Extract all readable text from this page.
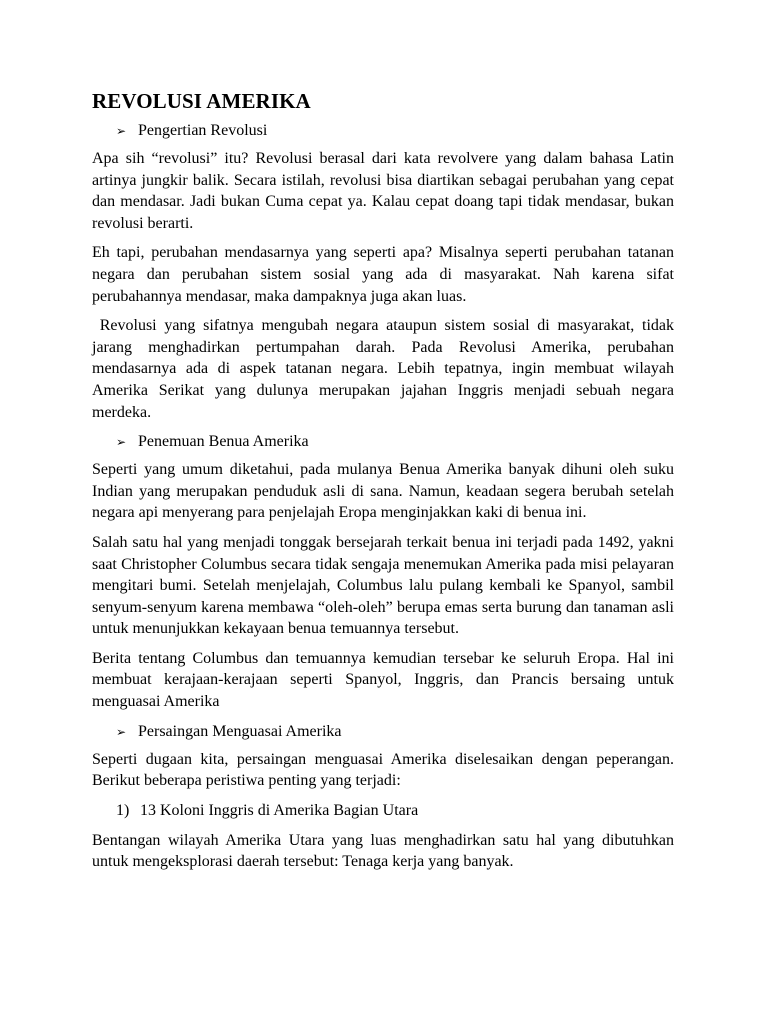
REVOLUSI AMERIKA
➢ Pengertian Revolusi

Apa sih “revolusi” itu? Revolusi berasal dari kata revolvere yang dalam bahasa Latin artinya jungkir balik. Secara istilah, revolusi bisa diartikan sebagai perubahan yang cepat dan mendasar. Jadi bukan Cuma cepat ya. Kalau cepat doang tapi tidak mendasar, bukan revolusi berarti.

Eh tapi, perubahan mendasarnya yang seperti apa? Misalnya seperti perubahan tatanan negara dan perubahan sistem sosial yang ada di masyarakat. Nah karena sifat perubahannya mendasar, maka dampaknya juga akan luas.

Revolusi yang sifatnya mengubah negara ataupun sistem sosial di masyarakat, tidak jarang menghadirkan pertumpahan darah. Pada Revolusi Amerika, perubahan mendasarnya ada di aspek tatanan negara. Lebih tepatnya, ingin membuat wilayah Amerika Serikat yang dulunya merupakan jajahan Inggris menjadi sebuah negara merdeka.

➢ Penemuan Benua Amerika

Seperti yang umum diketahui, pada mulanya Benua Amerika banyak dihuni oleh suku Indian yang merupakan penduduk asli di sana. Namun, keadaan segera berubah setelah negara api menyerang para penjelajah Eropa menginjakkan kaki di benua ini.

Salah satu hal yang menjadi tonggak bersejarah terkait benua ini terjadi pada 1492, yakni saat Christopher Columbus secara tidak sengaja menemukan Amerika pada misi pelayaran mengitari bumi. Setelah menjelajah, Columbus lalu pulang kembali ke Spanyol, sambil senyum-senyum karena membawa “oleh-oleh” berupa emas serta burung dan tanaman asli untuk menunjukkan kekayaan benua temuannya tersebut.

Berita tentang Columbus dan temuannya kemudian tersebar ke seluruh Eropa. Hal ini membuat kerajaan-kerajaan seperti Spanyol, Inggris, dan Prancis bersaing untuk menguasai Amerika

➢ Persaingan Menguasai Amerika

Seperti dugaan kita, persaingan menguasai Amerika diselesaikan dengan peperangan. Berikut beberapa peristiwa penting yang terjadi:

1) 13 Koloni Inggris di Amerika Bagian Utara

Bentangan wilayah Amerika Utara yang luas menghadirkan satu hal yang dibutuhkan untuk mengeksplorasi daerah tersebut: Tenaga kerja yang banyak.
